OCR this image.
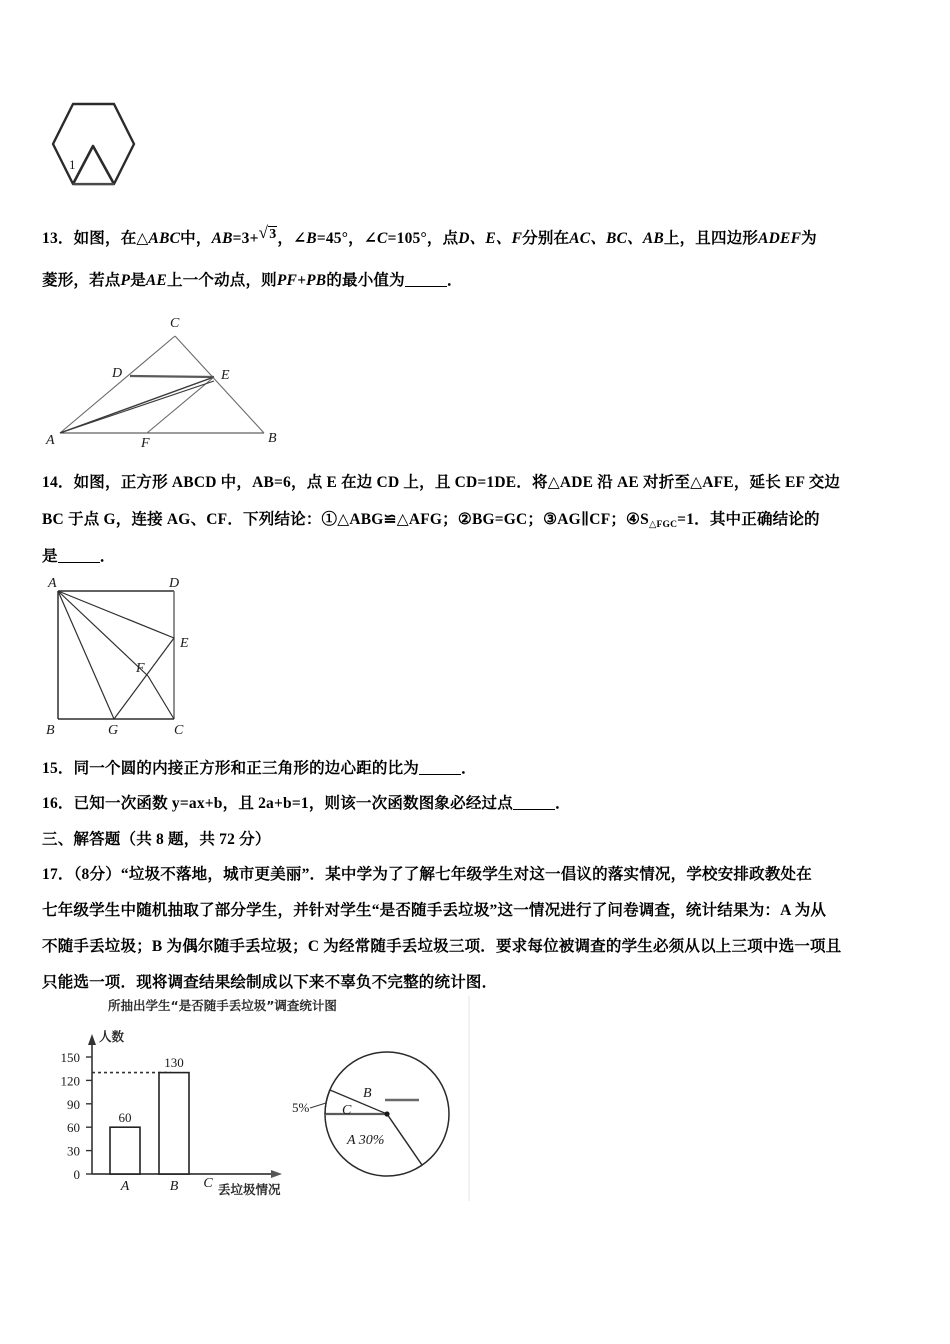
1
13．如图，在△ABC中，AB=3+√3，∠B=45°，∠C=105°，点D、E、F分别在AC、BC、AB上，且四边形ADEF为
菱形，若点P是AE上一个动点，则PF+PB的最小值为	．
C
D	E
A	F	B
14．如图，正方形 ABCD 中，AB=6，点 E 在边 CD 上，且 CD=1DE．将△ADE 沿 AE 对折至△AFE，延长 EF 交边
BC 于点 G，连接 AG、CF．下列结论：①△ABG≌△AFG；②BG=GC；③AG∥CF；$④S_{\triangle FGC}=1$．其中正确结论的
是	．
A	D
E
F
B	G	C
15．同一个圆的内接正方形和正三角形的边心距的比为	．
16．已知一次函数 y=ax+b，且 2a+b=1，则该一次函数图象必经过点	．
三、解答题（共 8 题，共 72 分）
17．（8分）“垃圾不落地，城市更美丽”．某中学为了了解七年级学生对这一倡议的落实情况，学校安排政教处在
七年级学生中随机抽取了部分学生，并针对学生“是否随手丢垃圾”这一情况进行了问卷调查，统计结果为：A 为从
不随手丢垃圾；B 为偶尔随手丢垃圾；C 为经常随手丢垃圾三项．要求每位被调查的学生必须从以上三项中选一项且
只能选一项．现将调查结果绘制成以下来不辜负不完整的统计图．
所抽出学生“是否随手丢垃圾”调查统计图
人数
丢垃圾情况
0
30
60
90
120
150
60
130
A	B C
B
C
5%
A 30%
